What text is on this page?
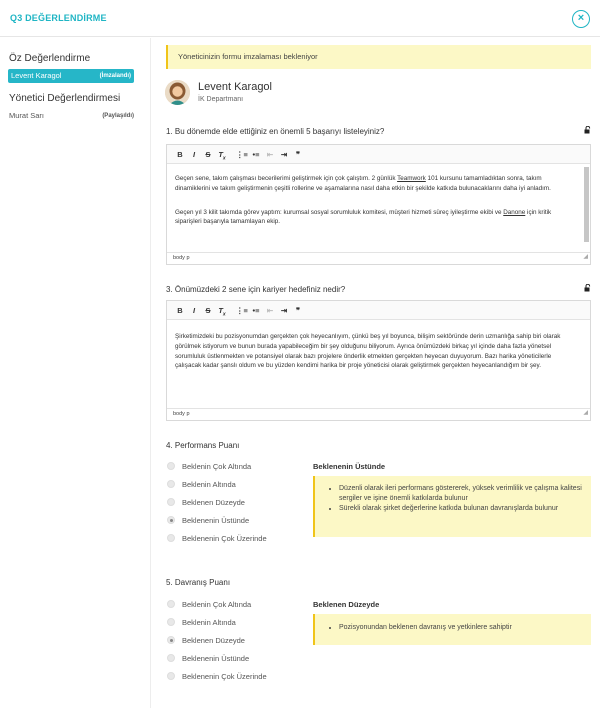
Q3 DEĞERLENDİRME	×
Öz Değerlendirme
Levent Karagol	(İmzalandı)
Yönetici Değerlendirmesi
Murat Sarı	(Paylaşıldı)
Yöneticinizin formu imzalaması bekleniyor
Levent Karagol
İK Departmanı
1. Bu dönemde elde ettiğiniz en önemli 5 başarıyı listeleyiniz?
B I S $T_x$ ⋮≡ •≡ ⇤ ⇥ ❞

Geçen sene, takım çalışması becerilerimi geliştirmek için çok çalıştım. 2 günlük Teamwork 101 kursunu tamamladıktan sonra, takım dinamiklerini ve takım geliştirmenin çeşitli rollerine ve aşamalarına nasıl daha etkin bir şekilde katkıda bulunacaklarını daha iyi anladım.

Geçen yıl 3 kilit takımda görev yaptım: kurumsal sosyal sorumluluk komitesi, müşteri hizmeti süreç iyileştirme ekibi ve Danone için kritik siparişleri başarıyla tamamlayan ekip.

body p	◢
3. Önümüzdeki 2 sene için kariyer hedefiniz nedir?
B I S $T_x$ ⋮≡ •≡ ⇤ ⇥ ❞

Şirketimizdeki bu pozisyonumdan gerçekten çok heyecanlıyım, çünkü beş yıl boyunca, bilişim sektöründe derin uzmanlığa sahip biri olarak görülmek istiyorum ve bunun burada yapabileceğim bir şey olduğunu biliyorum. Ayrıca önümüzdeki birkaç yıl içinde daha fazla yönetsel sorumluluk üstlenmekten ve potansiyel olarak bazı projelere önderlik etmekten gerçekten heyecan duyuyorum. Bazı harika yöneticilerle çalışacak kadar şanslı oldum ve bu yüzden kendimi harika bir proje yöneticisi olarak geliştirmek gerçekten heyecanlandığım bir şey.

body p	◢
4. Performans Puanı
Beklenin Çok Altında
Beklenin Altında
Beklenen Düzeyde
Beklenenin Üstünde
Beklenenin Çok Üzerinde
Beklenenin Üstünde
• Düzenli olarak ileri performans göstererek, yüksek verimlilik ve çalışma kalitesi sergiler ve işine önemli katkılarda bulunur
• Sürekli olarak şirket değerlerine katkıda bulunan davranışlarda bulunur
5. Davranış Puanı
Beklenin Çok Altında
Beklenin Altında
Beklenen Düzeyde
Beklenenin Üstünde
Beklenenin Çok Üzerinde
Beklenen Düzeyde
• Pozisyonundan beklenen davranış ve yetkinlere sahiptir
